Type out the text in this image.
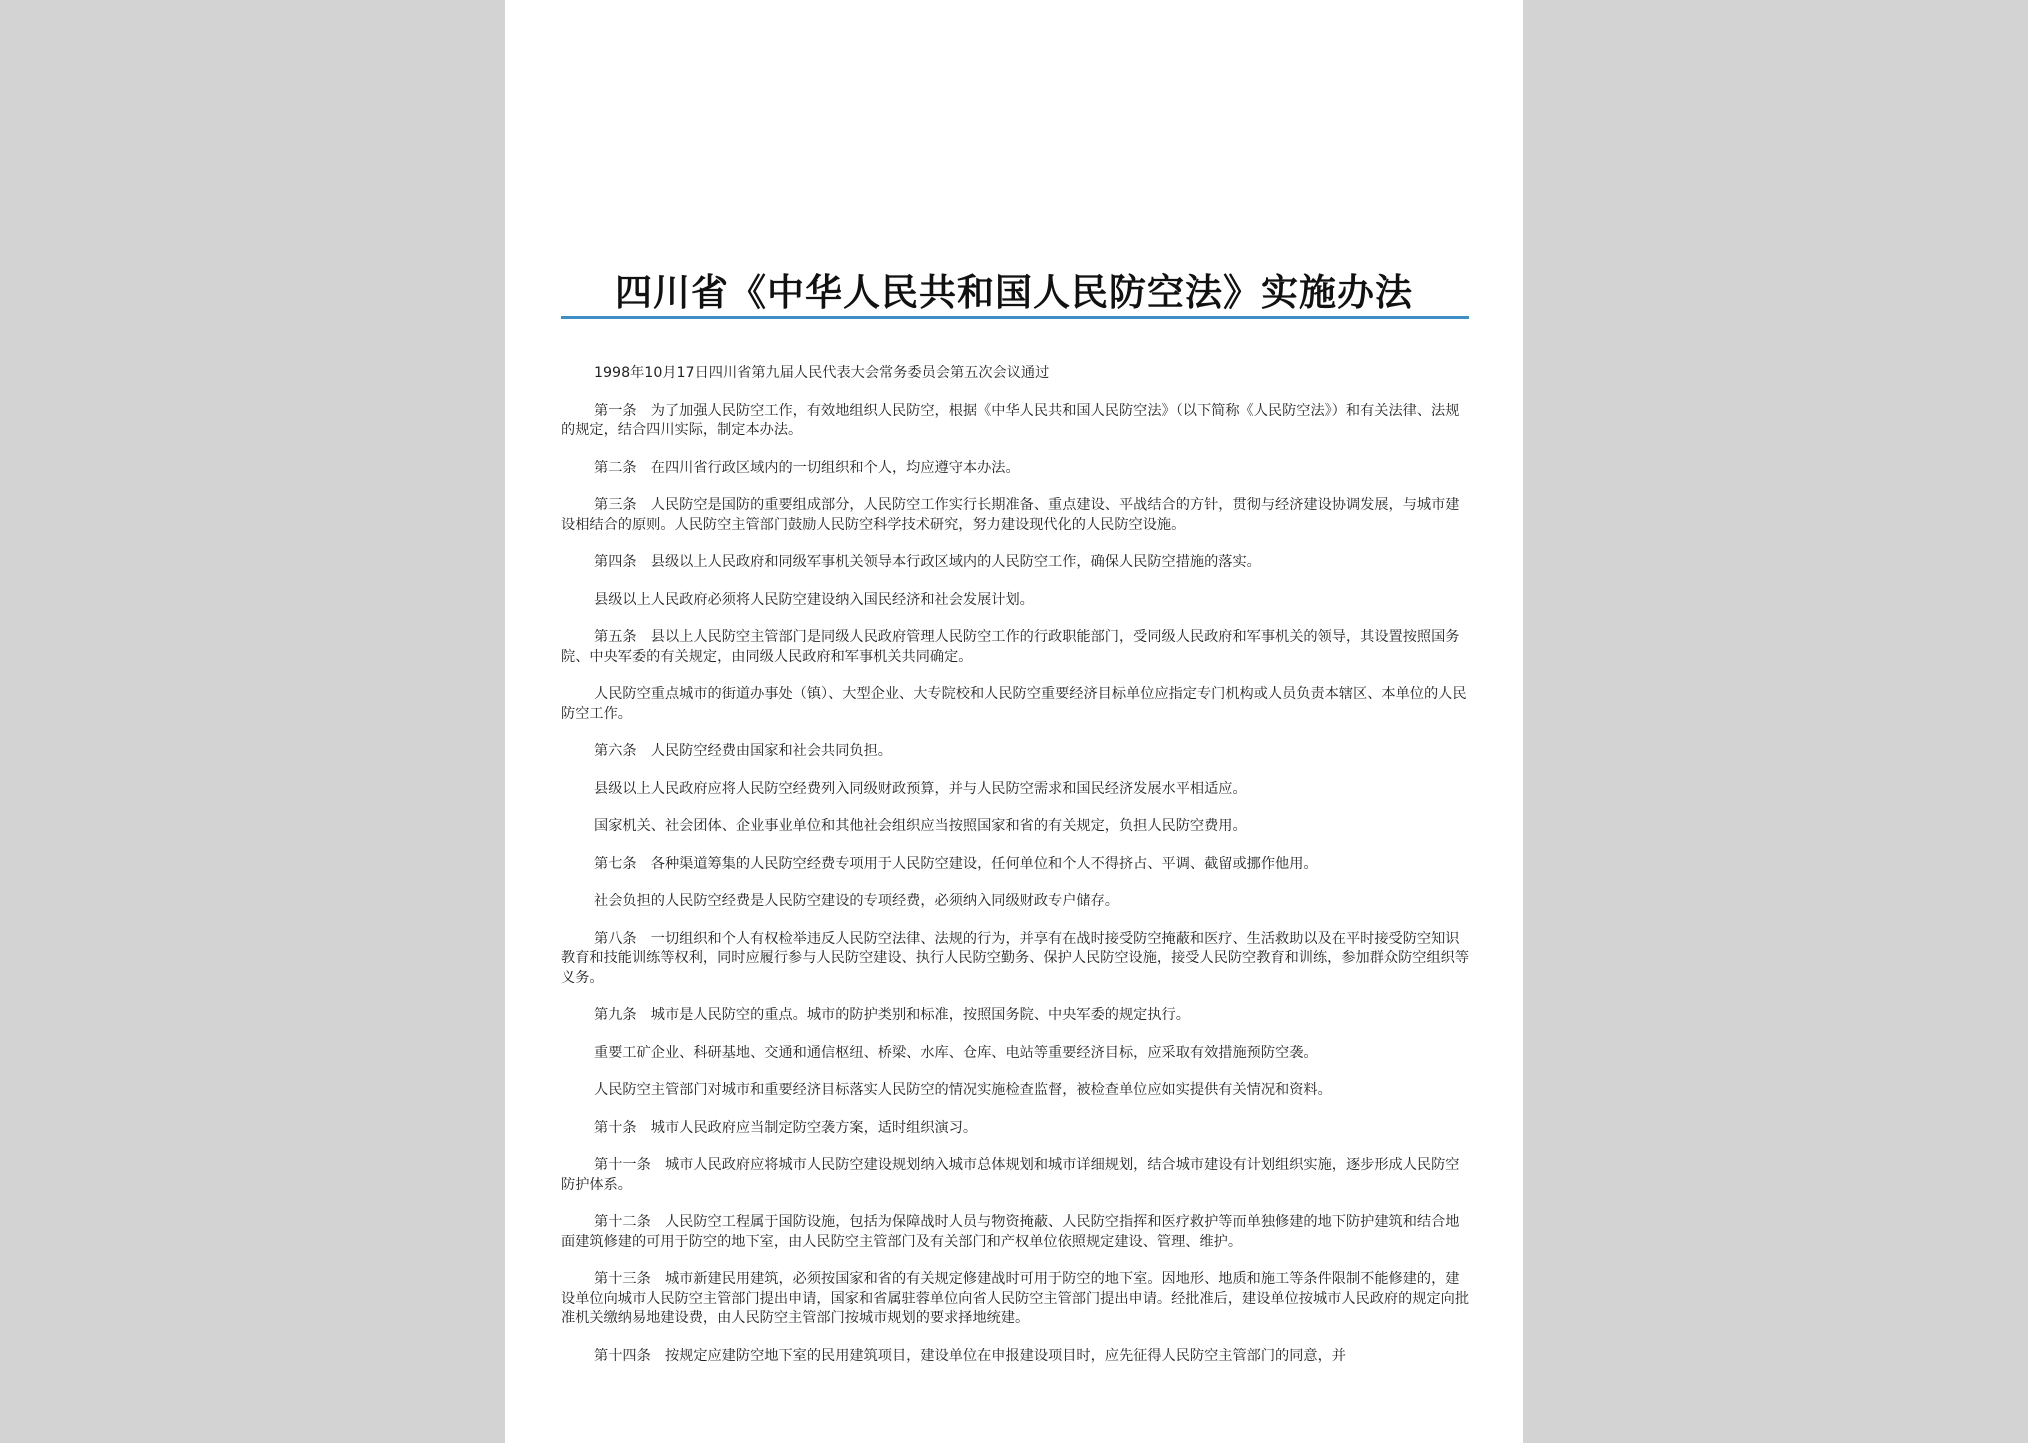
四川省《中华人民共和国人民防空法》实施办法

1998年10月17日四川省第九届人民代表大会常务委员会第五次会议通过

第一条　为了加强人民防空工作，有效地组织人民防空，根据《中华人民共和国人民防空法》（以下简称《人民防空法》）和有关法律、法规的规定，结合四川实际，制定本办法。

第二条　在四川省行政区域内的一切组织和个人，均应遵守本办法。

第三条　人民防空是国防的重要组成部分，人民防空工作实行长期准备、重点建设、平战结合的方针，贯彻与经济建设协调发展，与城市建设相结合的原则。人民防空主管部门鼓励人民防空科学技术研究，努力建设现代化的人民防空设施。

第四条　县级以上人民政府和同级军事机关领导本行政区域内的人民防空工作，确保人民防空措施的落实。

县级以上人民政府必须将人民防空建设纳入国民经济和社会发展计划。

第五条　县以上人民防空主管部门是同级人民政府管理人民防空工作的行政职能部门，受同级人民政府和军事机关的领导，其设置按照国务院、中央军委的有关规定，由同级人民政府和军事机关共同确定。

人民防空重点城市的街道办事处（镇）、大型企业、大专院校和人民防空重要经济目标单位应指定专门机构或人员负责本辖区、本单位的人民防空工作。

第六条　人民防空经费由国家和社会共同负担。

县级以上人民政府应将人民防空经费列入同级财政预算，并与人民防空需求和国民经济发展水平相适应。

国家机关、社会团体、企业事业单位和其他社会组织应当按照国家和省的有关规定，负担人民防空费用。

第七条　各种渠道筹集的人民防空经费专项用于人民防空建设，任何单位和个人不得挤占、平调、截留或挪作他用。

社会负担的人民防空经费是人民防空建设的专项经费，必须纳入同级财政专户储存。

第八条　一切组织和个人有权检举违反人民防空法律、法规的行为，并享有在战时接受防空掩蔽和医疗、生活救助以及在平时接受防空知识教育和技能训练等权利，同时应履行参与人民防空建设、执行人民防空勤务、保护人民防空设施，接受人民防空教育和训练，参加群众防空组织等义务。

第九条　城市是人民防空的重点。城市的防护类别和标准，按照国务院、中央军委的规定执行。

重要工矿企业、科研基地、交通和通信枢纽、桥梁、水库、仓库、电站等重要经济目标，应采取有效措施预防空袭。

人民防空主管部门对城市和重要经济目标落实人民防空的情况实施检查监督，被检查单位应如实提供有关情况和资料。

第十条　城市人民政府应当制定防空袭方案，适时组织演习。

第十一条　城市人民政府应将城市人民防空建设规划纳入城市总体规划和城市详细规划，结合城市建设有计划组织实施，逐步形成人民防空防护体系。

第十二条　人民防空工程属于国防设施，包括为保障战时人员与物资掩蔽、人民防空指挥和医疗救护等而单独修建的地下防护建筑和结合地面建筑修建的可用于防空的地下室，由人民防空主管部门及有关部门和产权单位依照规定建设、管理、维护。

第十三条　城市新建民用建筑，必须按国家和省的有关规定修建战时可用于防空的地下室。因地形、地质和施工等条件限制不能修建的，建设单位向城市人民防空主管部门提出申请，国家和省属驻蓉单位向省人民防空主管部门提出申请。经批准后，建设单位按城市人民政府的规定向批准机关缴纳易地建设费，由人民防空主管部门按城市规划的要求择地统建。

第十四条　按规定应建防空地下室的民用建筑项目，建设单位在申报建设项目时，应先征得人民防空主管部门的同意，并
